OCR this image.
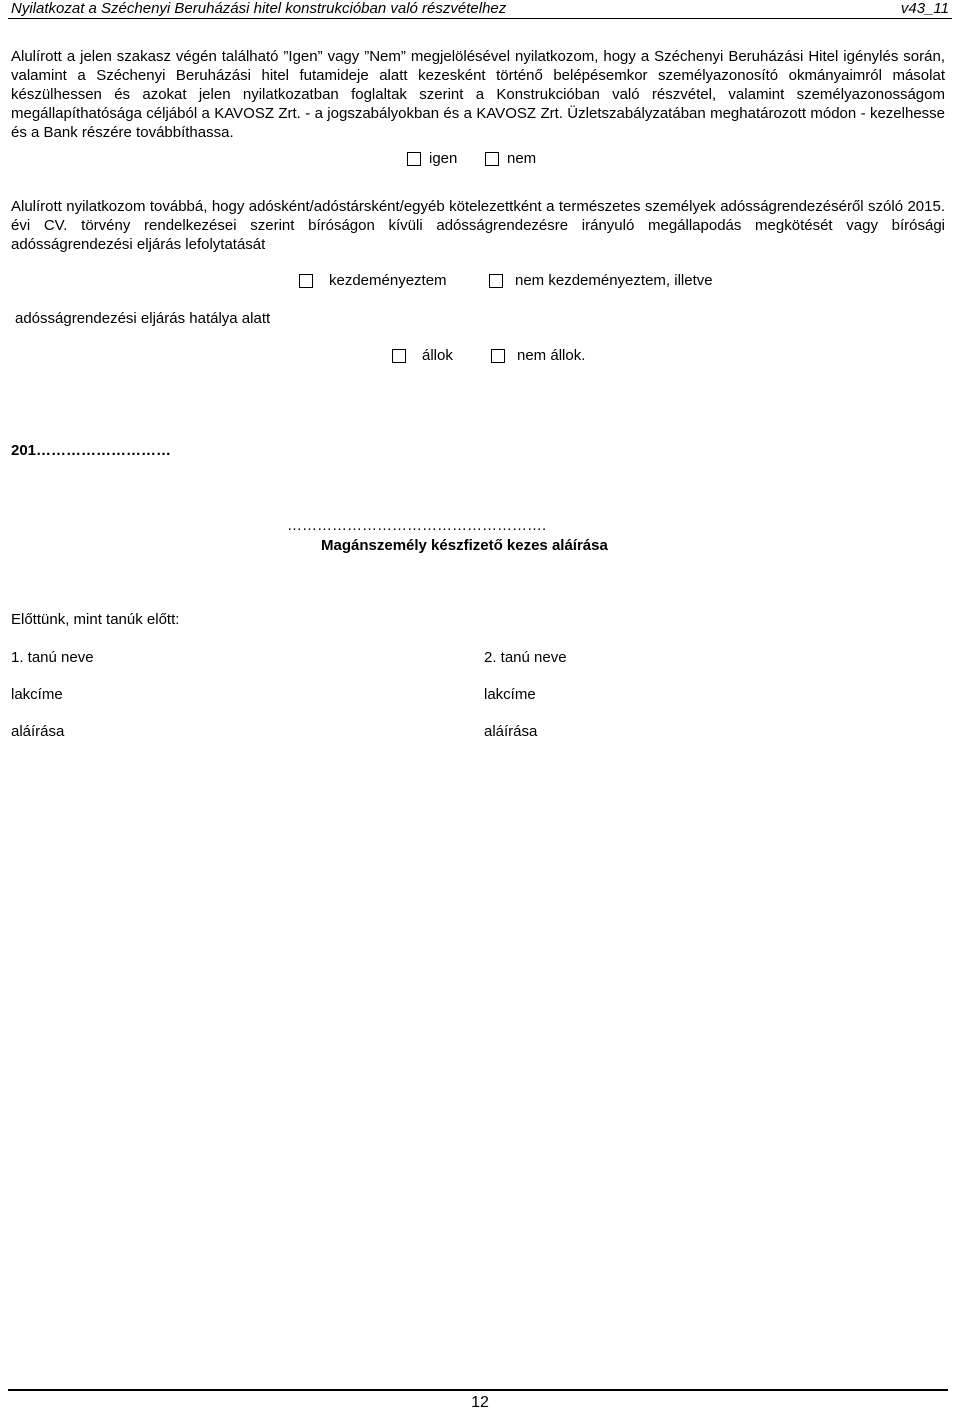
Nyilatkozat a Széchenyi Beruházási hitel konstrukcióban való részvételhez	v43_11
Alulírott a jelen szakasz végén található ”Igen” vagy ”Nem” megjelölésével nyilatkozom, hogy a Széchenyi Beruházási Hitel igénylés során, valamint a Széchenyi Beruházási hitel futamideje alatt kezesként történő belépésemkor személyazonosító okmányaimról másolat készülhessen és azokat jelen nyilatkozatban foglaltak szerint a Konstrukcióban való részvétel, valamint személyazonosságom megállapíthatósága céljából a KAVOSZ Zrt. - a jogszabályokban és a KAVOSZ Zrt. Üzletszabályzatában meghatározott módon - kezelhesse és a Bank részére továbbíthassa.
igen	nem
Alulírott nyilatkozom továbbá, hogy adósként/adóstársként/egyéb kötelezettként a természetes személyek adósságrendezéséről szóló 2015. évi CV. törvény rendelkezései szerint bíróságon kívüli adósságrendezésre irányuló megállapodás megkötését vagy bírósági adósságrendezési eljárás lefolytatását
kezdeményeztem	nem kezdeményeztem, illetve
adósságrendezési eljárás hatálya alatt
állok	nem állok.
201………………………
…………………………………………….
Magánszemély készfizető kezes aláírása
Előttünk, mint tanúk előtt:
1. tanú neve	2. tanú neve
lakcíme	lakcíme
aláírása	aláírása
12
